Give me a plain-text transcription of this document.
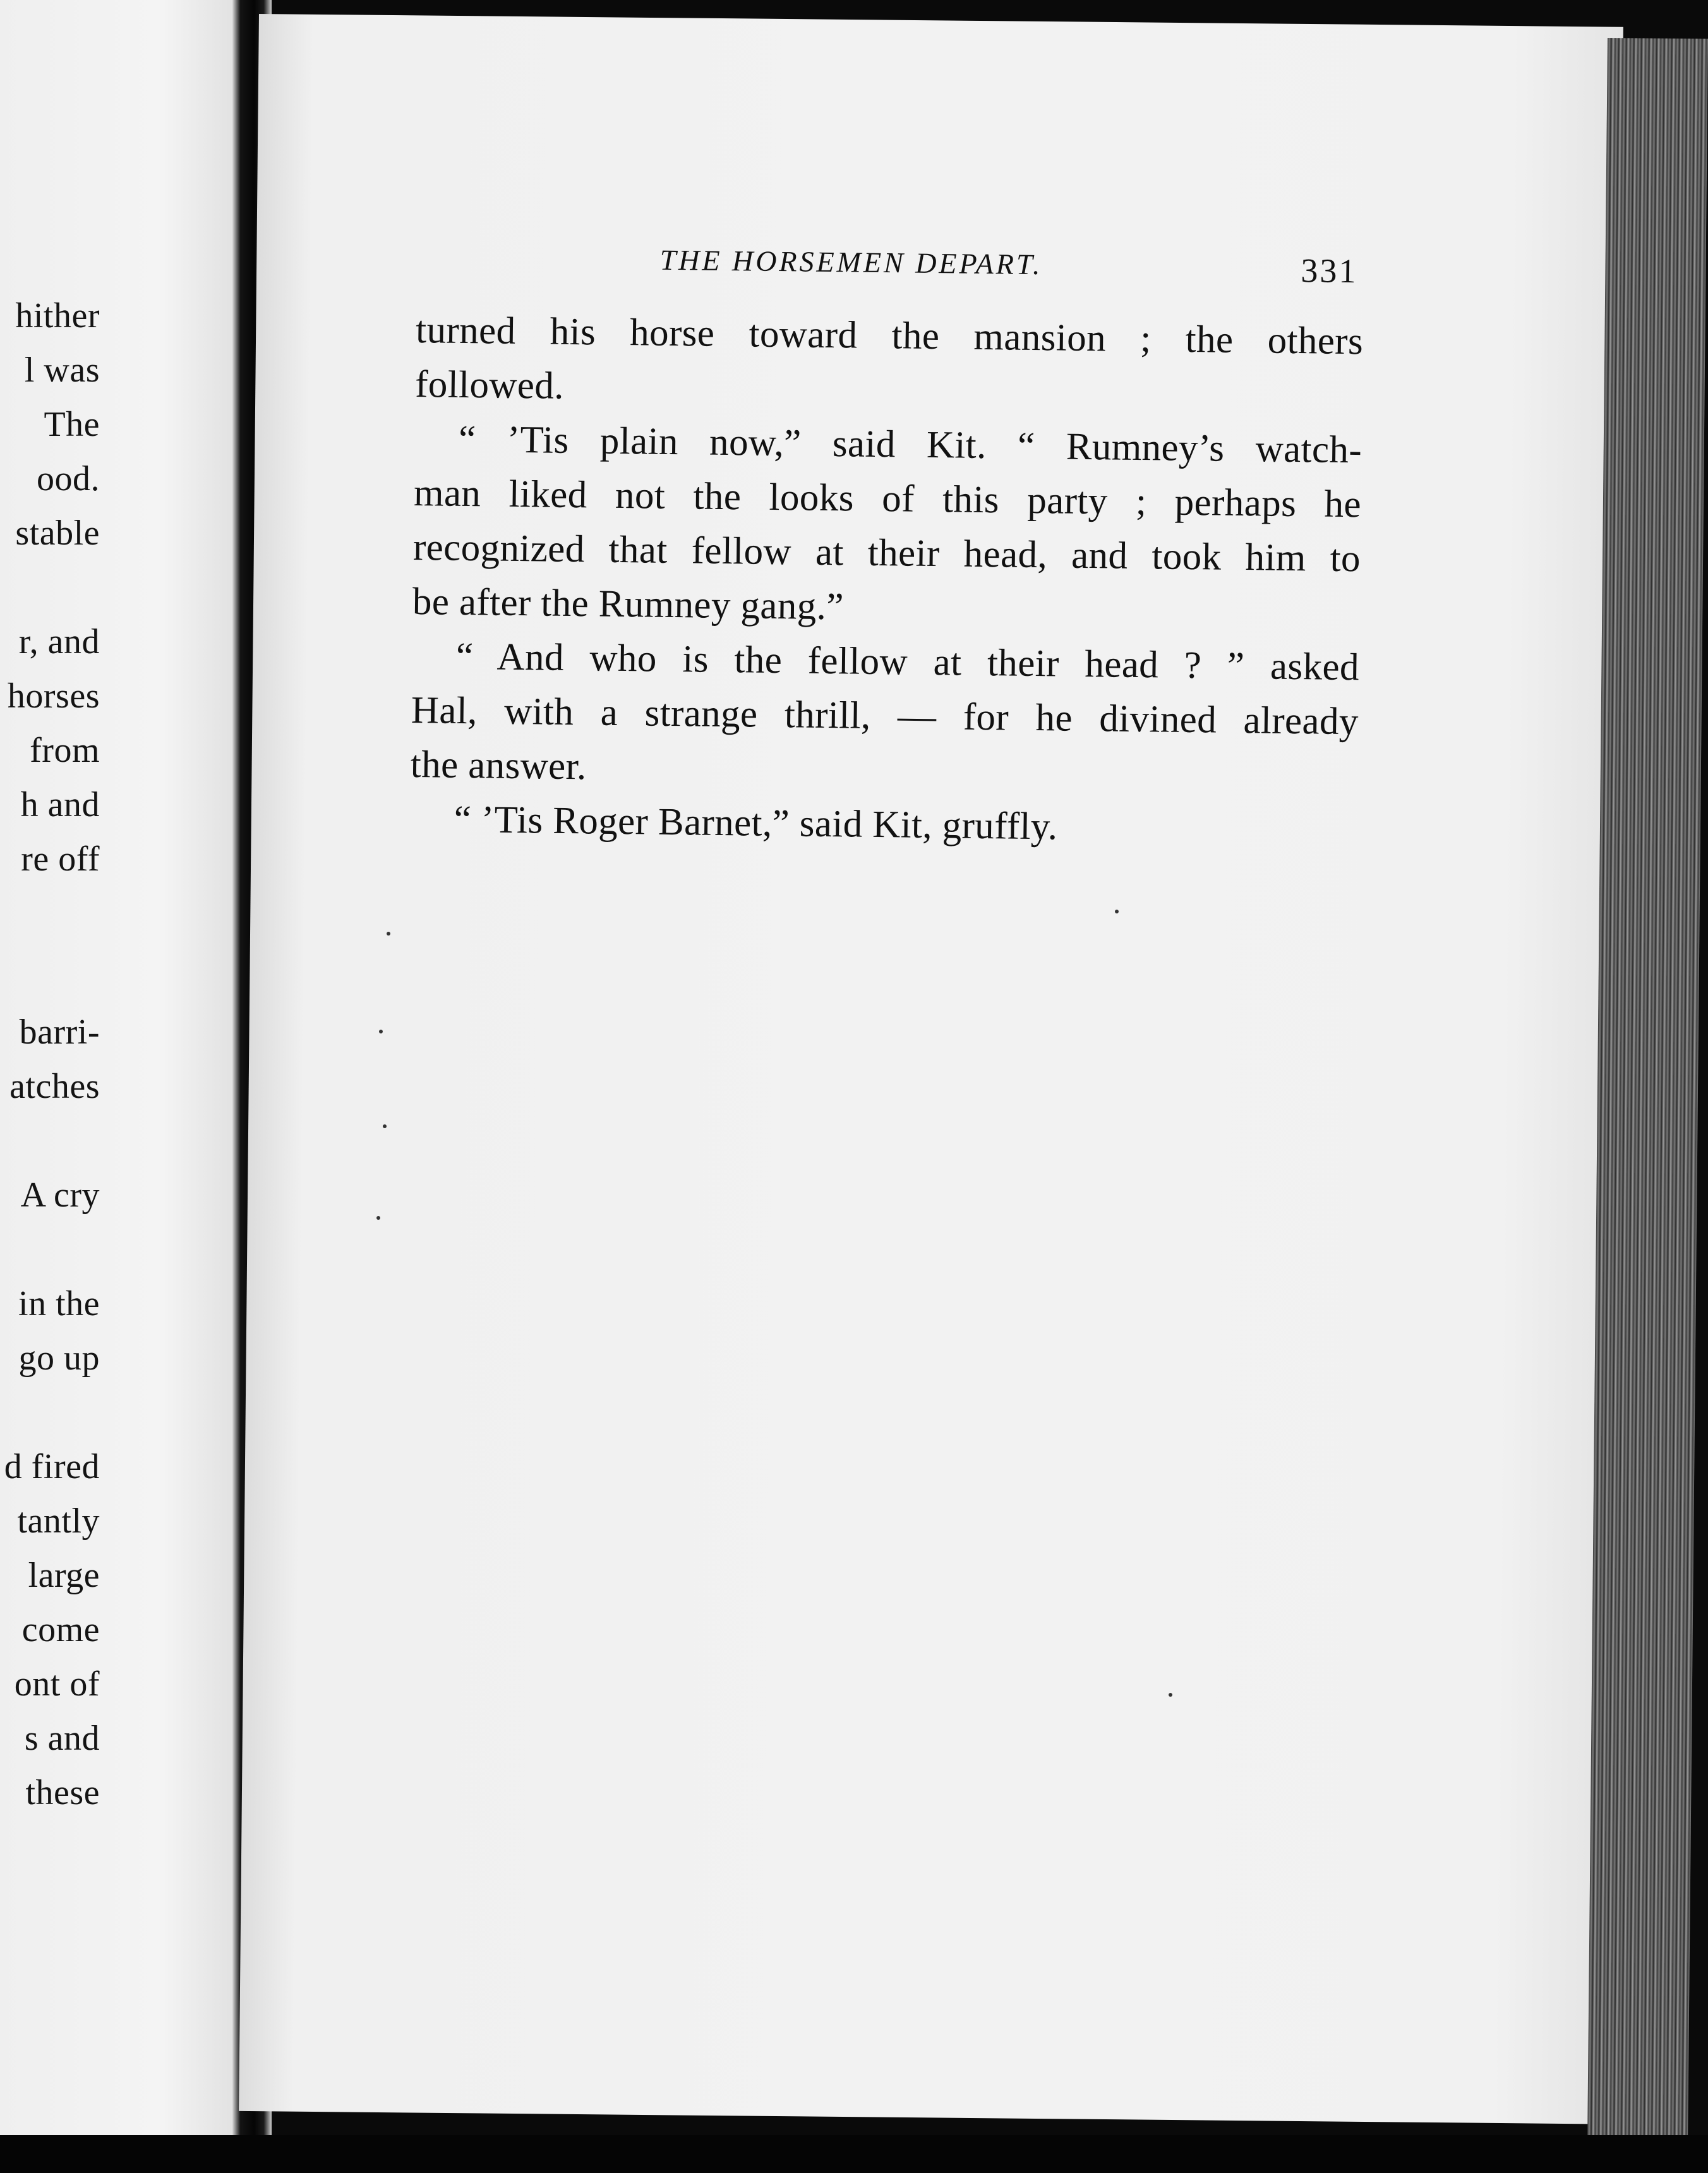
hither
l was
The
ood.
stable
r, and
horses
from
h and
re off
barri-
atches
A cry
in the
go up
d fired
tantly
large
come
ont of
s and
these
THE HORSEMEN DEPART.	331
turned his horse toward the mansion ; the others
followed.
“ ’Tis plain now,” said Kit. “ Rumney’s watch-
man liked not the looks of this party ; perhaps he
recognized that fellow at their head, and took him to
be after the Rumney gang.”
“ And who is the fellow at their head ? ” asked
Hal, with a strange thrill, — for he divined already
the answer.
“ ’Tis Roger Barnet,” said Kit, gruffly.
